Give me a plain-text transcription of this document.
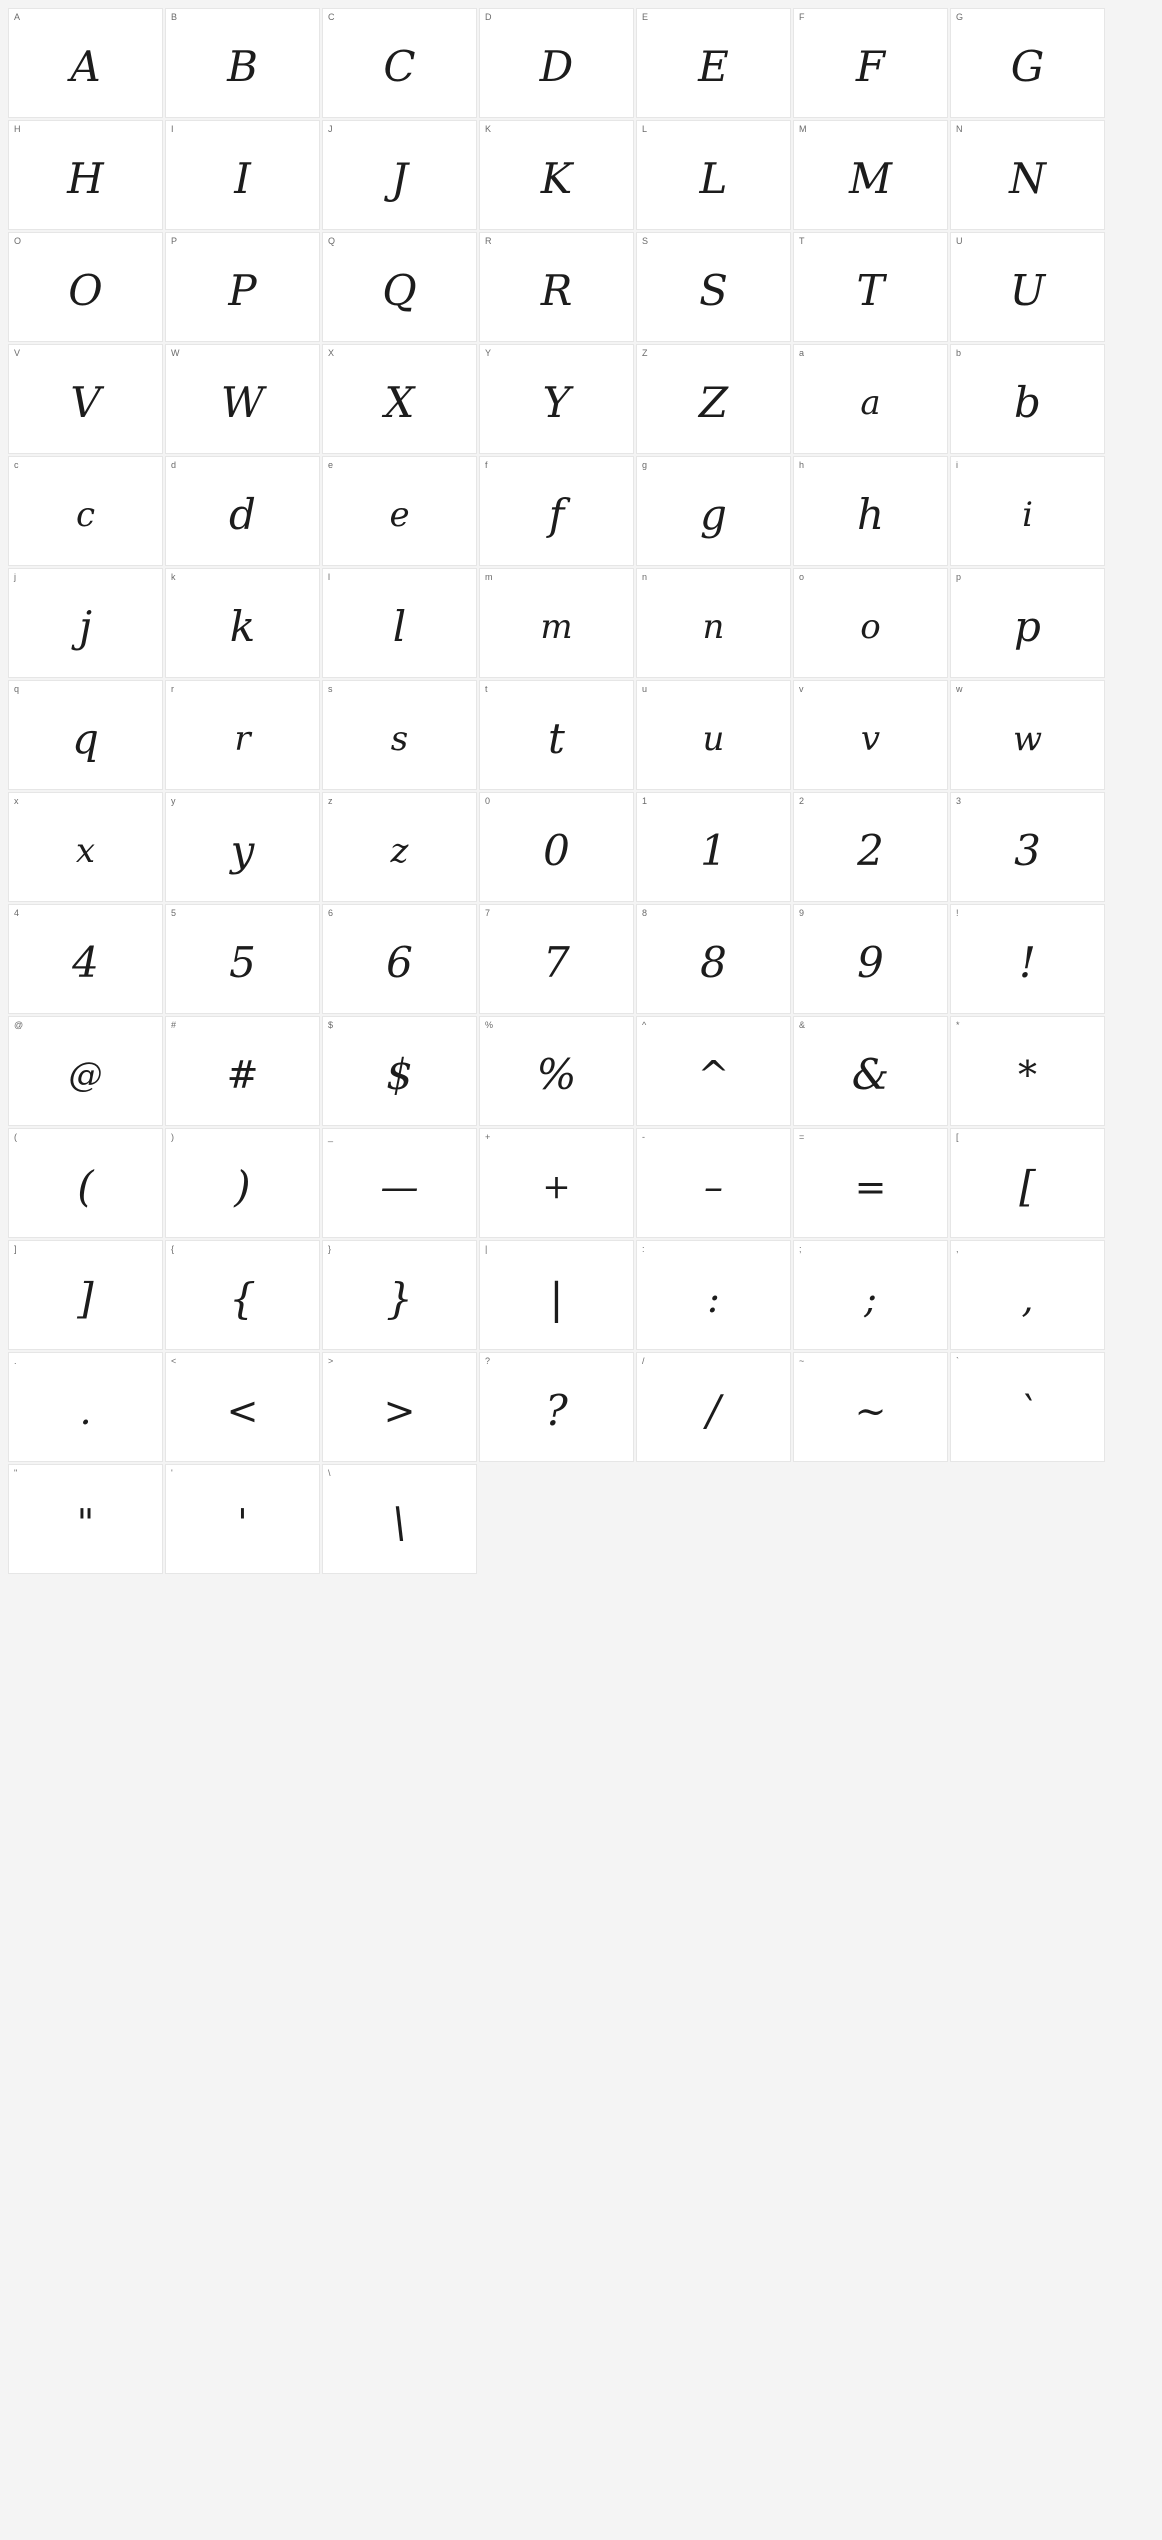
A
A
B
B
C
C
D
D
E
E
F
F
G
G
H
H
I
I
J
J
K
K
L
L
M
M
N
N
O
O
P
P
Q
Q
R
R
S
S
T
T
U
U
V
V
W
W
X
X
Y
Y
Z
Z
a
a
b
b
c
c
d
d
e
e
f
f
g
g
h
h
i
i
j
j
k
k
l
l
m
m
n
n
o
o
p
p
q
q
r
r
s
s
t
t
u
u
v
v
w
w
x
x
y
y
z
z
0
0
1
1
2
2
3
3
4
4
5
5
6
6
7
7
8
8
9
9
!
!
@
@
#
#
$
$
%
%
^
^
&
&
*
*
(
(
)
)
_
—
+
+
-
–
=
=
[
[
]
]
{
{
}
}
|
|
:
:
;
;
,
,
.
.
<
<
>
>
?
?
/
/
~
~
`
`
"
"
'
'
\
\
